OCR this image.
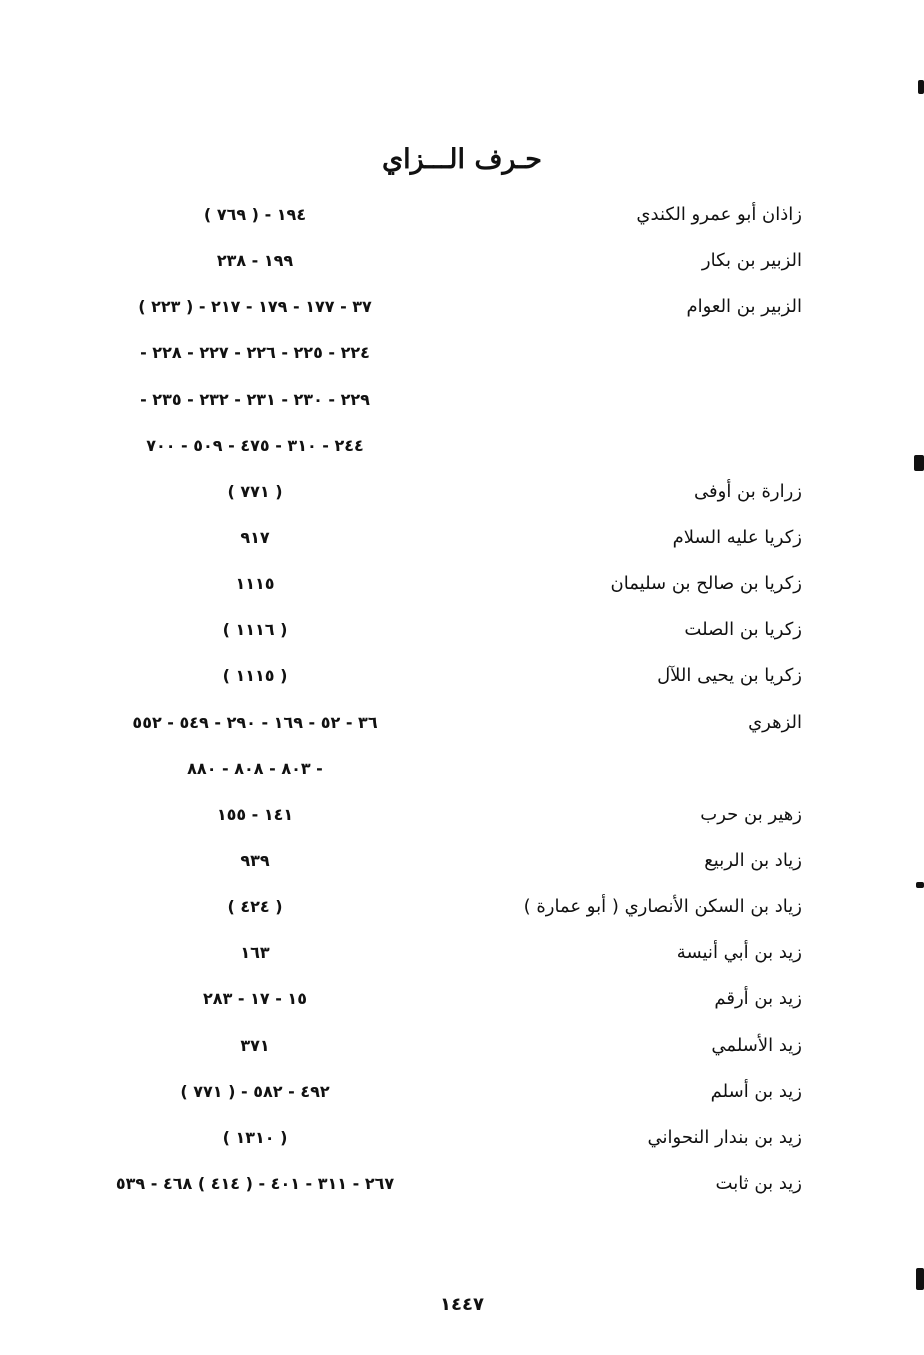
حـرف الـــزاي
زاذان أبو عمرو الكندي
١٩٤ - ( ٧٦٩ )
الزبير بن بكار
١٩٩ - ٢٣٨
الزبير بن العوام
٣٧ - ١٧٧ - ١٧٩ - ٢١٧ - ( ٢٢٣ )
٢٢٤ - ٢٢٥ - ٢٢٦ - ٢٢٧ - ٢٢٨ -
٢٢٩ - ٢٣٠ - ٢٣١ - ٢٣٢ - ٢٣٥ -
٢٤٤ - ٣١٠ - ٤٧٥ - ٥٠٩ - ٧٠٠
زرارة بن أوفى
( ٧٧١ )
زكريا عليه السلام
٩١٧
زكريا بن صالح بن سليمان
١١١٥
زكريا بن الصلت
( ١١١٦ )
زكريا بن يحيى اللآل
( ١١١٥ )
الزهري
٣٦ - ٥٢ - ١٦٩ - ٢٩٠ - ٥٤٩ - ٥٥٢
- ٨٠٣ - ٨٠٨ - ٨٨٠
زهير بن حرب
١٤١ - ١٥٥
زياد بن الربيع
٩٣٩
زياد بن السكن الأنصاري ( أبو عمارة )
( ٤٢٤ )
زيد بن أبي أنيسة
١٦٣
زيد بن أرقم
١٥ - ١٧ - ٢٨٣
زيد الأسلمي
٣٧١
زيد بن أسلم
٤٩٢ - ٥٨٢ - ( ٧٧١ )
زيد بن بندار النحواني
( ١٣١٠ )
زيد بن ثابت
٢٦٧ - ٣١١ - ٤٠١ - ( ٤١٤ ) ٤٦٨ - ٥٣٩
١٤٤٧
